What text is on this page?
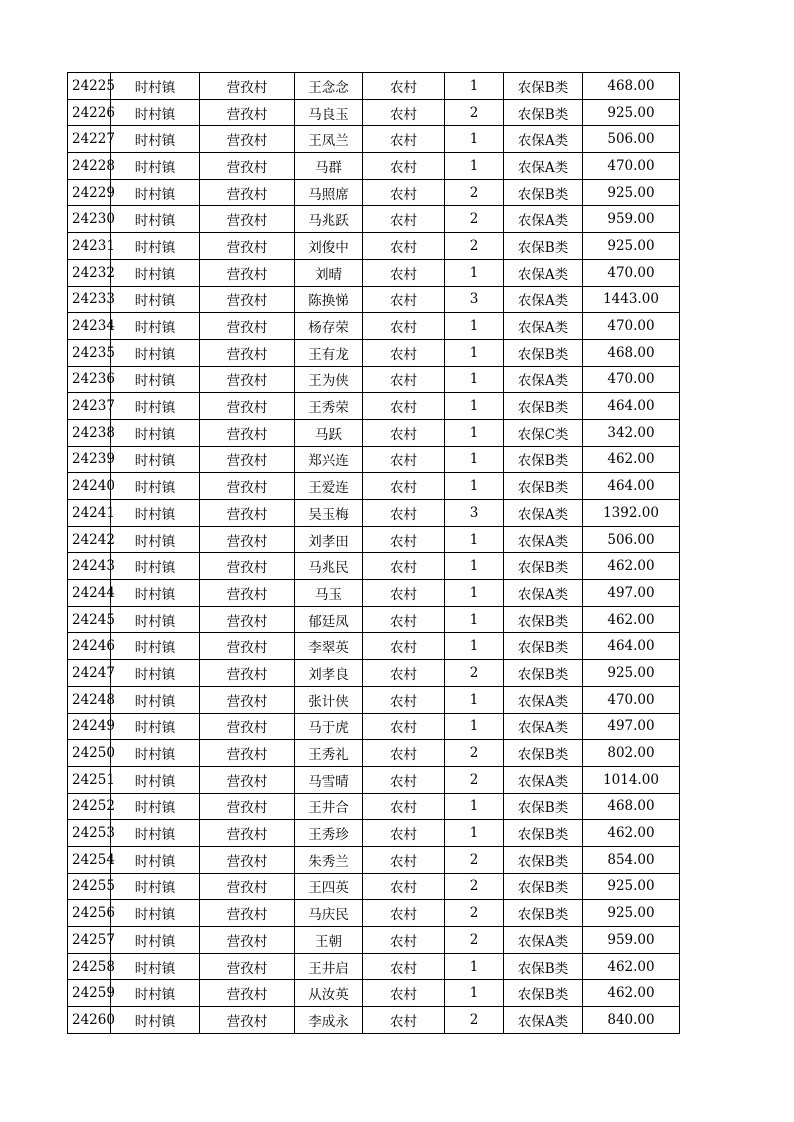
24225	时村镇	营孜村	王念念	农村	1	农保B类	468.00
24226	时村镇	营孜村	马良玉	农村	2	农保B类	925.00
24227	时村镇	营孜村	王凤兰	农村	1	农保A类	506.00
24228	时村镇	营孜村	马群	农村	1	农保A类	470.00
24229	时村镇	营孜村	马照席	农村	2	农保B类	925.00
24230	时村镇	营孜村	马兆跃	农村	2	农保A类	959.00
24231	时村镇	营孜村	刘俊中	农村	2	农保B类	925.00
24232	时村镇	营孜村	刘晴	农村	1	农保A类	470.00
24233	时村镇	营孜村	陈换悌	农村	3	农保A类	1443.00
24234	时村镇	营孜村	杨存荣	农村	1	农保A类	470.00
24235	时村镇	营孜村	王有龙	农村	1	农保B类	468.00
24236	时村镇	营孜村	王为侠	农村	1	农保A类	470.00
24237	时村镇	营孜村	王秀荣	农村	1	农保B类	464.00
24238	时村镇	营孜村	马跃	农村	1	农保C类	342.00
24239	时村镇	营孜村	郑兴连	农村	1	农保B类	462.00
24240	时村镇	营孜村	王爱连	农村	1	农保B类	464.00
24241	时村镇	营孜村	吴玉梅	农村	3	农保A类	1392.00
24242	时村镇	营孜村	刘孝田	农村	1	农保A类	506.00
24243	时村镇	营孜村	马兆民	农村	1	农保B类	462.00
24244	时村镇	营孜村	马玉	农村	1	农保A类	497.00
24245	时村镇	营孜村	郁廷凤	农村	1	农保B类	462.00
24246	时村镇	营孜村	李翠英	农村	1	农保B类	464.00
24247	时村镇	营孜村	刘孝良	农村	2	农保B类	925.00
24248	时村镇	营孜村	张计侠	农村	1	农保A类	470.00
24249	时村镇	营孜村	马于虎	农村	1	农保A类	497.00
24250	时村镇	营孜村	王秀礼	农村	2	农保B类	802.00
24251	时村镇	营孜村	马雪晴	农村	2	农保A类	1014.00
24252	时村镇	营孜村	王井合	农村	1	农保B类	468.00
24253	时村镇	营孜村	王秀珍	农村	1	农保B类	462.00
24254	时村镇	营孜村	朱秀兰	农村	2	农保B类	854.00
24255	时村镇	营孜村	王四英	农村	2	农保B类	925.00
24256	时村镇	营孜村	马庆民	农村	2	农保B类	925.00
24257	时村镇	营孜村	王朝	农村	2	农保A类	959.00
24258	时村镇	营孜村	王井启	农村	1	农保B类	462.00
24259	时村镇	营孜村	从汝英	农村	1	农保B类	462.00
24260	时村镇	营孜村	李成永	农村	2	农保A类	840.00
